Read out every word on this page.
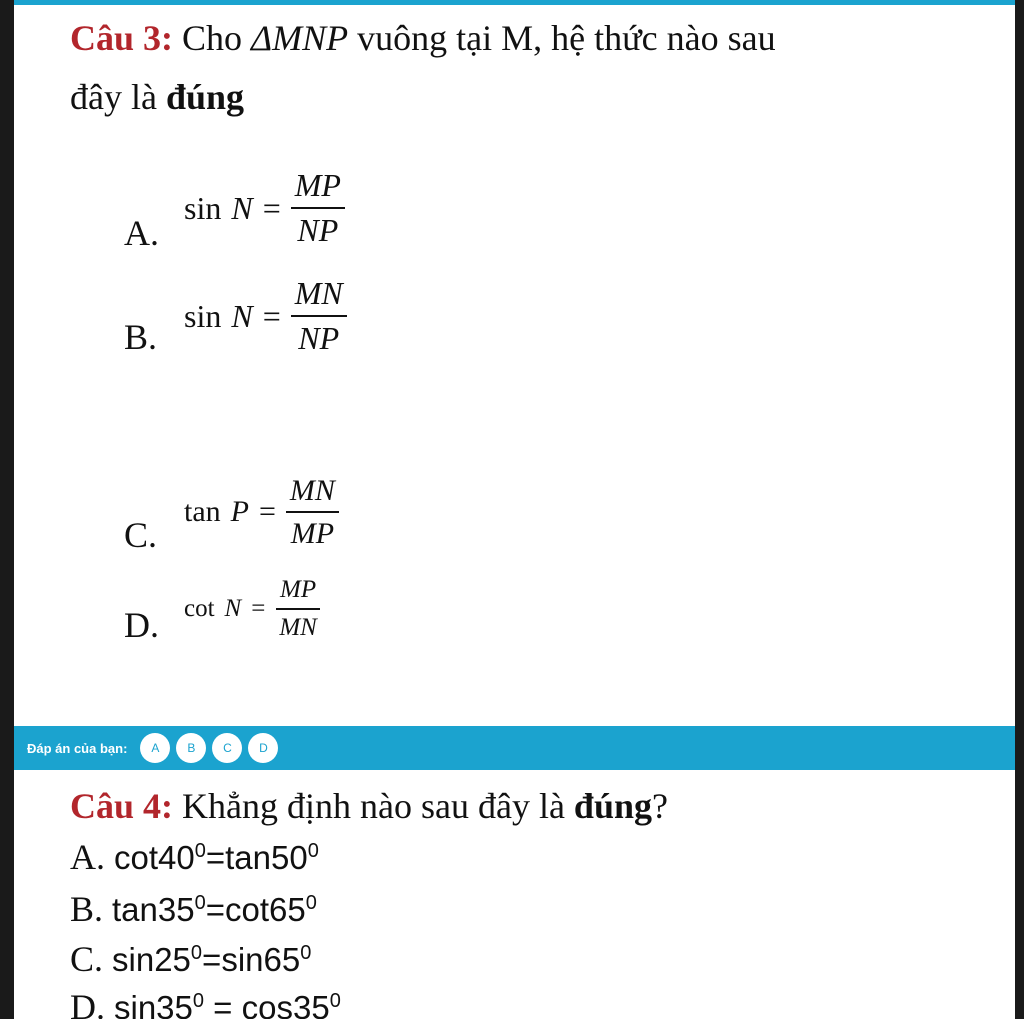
Câu 3: Cho ΔMNP vuông tại M, hệ thức nào sau
đây là đúng
A.
$\sin N = \frac{MP}{NP}$
B.
$\sin N = \frac{MN}{NP}$
C.
$\tan P = \frac{MN}{MP}$
D. $\cot N = \frac{MP}{MN}$
Đáp án của bạn:	A	B	C	D
Câu 4: Khẳng định nào sau đây là đúng?
A. $\cot 40^0=\tan 50^0$
B. $\tan 35^0=\cot 65^0$
C. $\sin 25^0=\sin 65^0$
D. $\sin 35^0 = \cos 35^0$
